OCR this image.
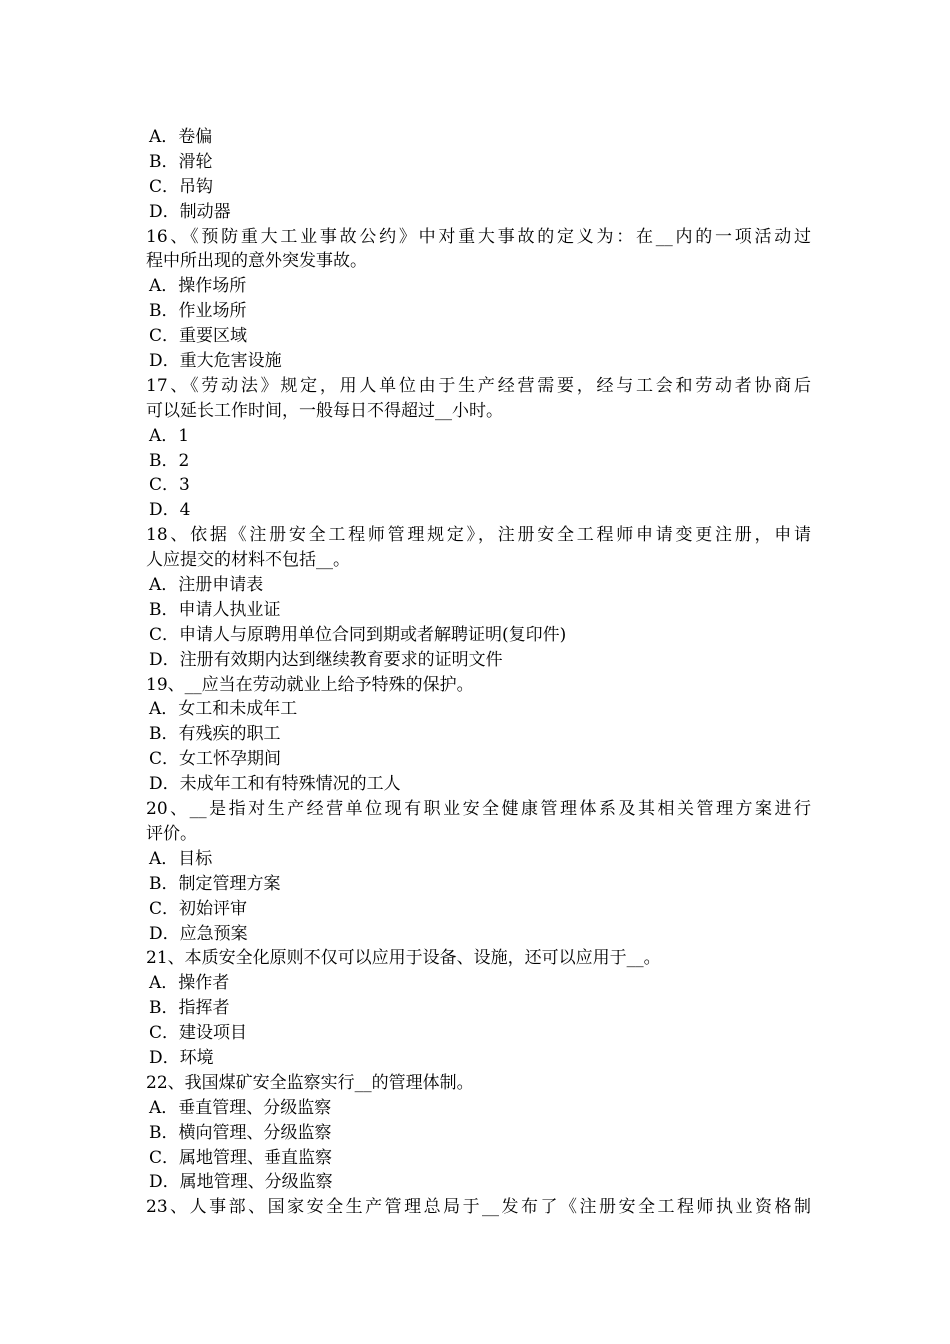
A．卷偏
B．滑轮
C．吊钩
D．制动器
16、《预防重大工业事故公约》中对重大事故的定义为：在__内的一项活动过
程中所出现的意外突发事故。
A．操作场所
B．作业场所
C．重要区域
D．重大危害设施
17、《劳动法》规定，用人单位由于生产经营需要，经与工会和劳动者协商后
可以延长工作时间，一般每日不得超过__小时。
A．1
B．2
C．3
D．4
18、依据《注册安全工程师管理规定》，注册安全工程师申请变更注册，申请
人应提交的材料不包括__。
A．注册申请表
B．申请人执业证
C．申请人与原聘用单位合同到期或者解聘证明(复印件)
D．注册有效期内达到继续教育要求的证明文件
19、__应当在劳动就业上给予特殊的保护。
A．女工和未成年工
B．有残疾的职工
C．女工怀孕期间
D．未成年工和有特殊情况的工人
20、__是指对生产经营单位现有职业安全健康管理体系及其相关管理方案进行
评价。
A．目标
B．制定管理方案
C．初始评审
D．应急预案
21、本质安全化原则不仅可以应用于设备、设施，还可以应用于__。
A．操作者
B．指挥者
C．建设项目
D．环境
22、我国煤矿安全监察实行__的管理体制。
A．垂直管理、分级监察
B．横向管理、分级监察
C．属地管理、垂直监察
D．属地管理、分级监察
23、人事部、国家安全生产管理总局于__发布了《注册安全工程师执业资格制
